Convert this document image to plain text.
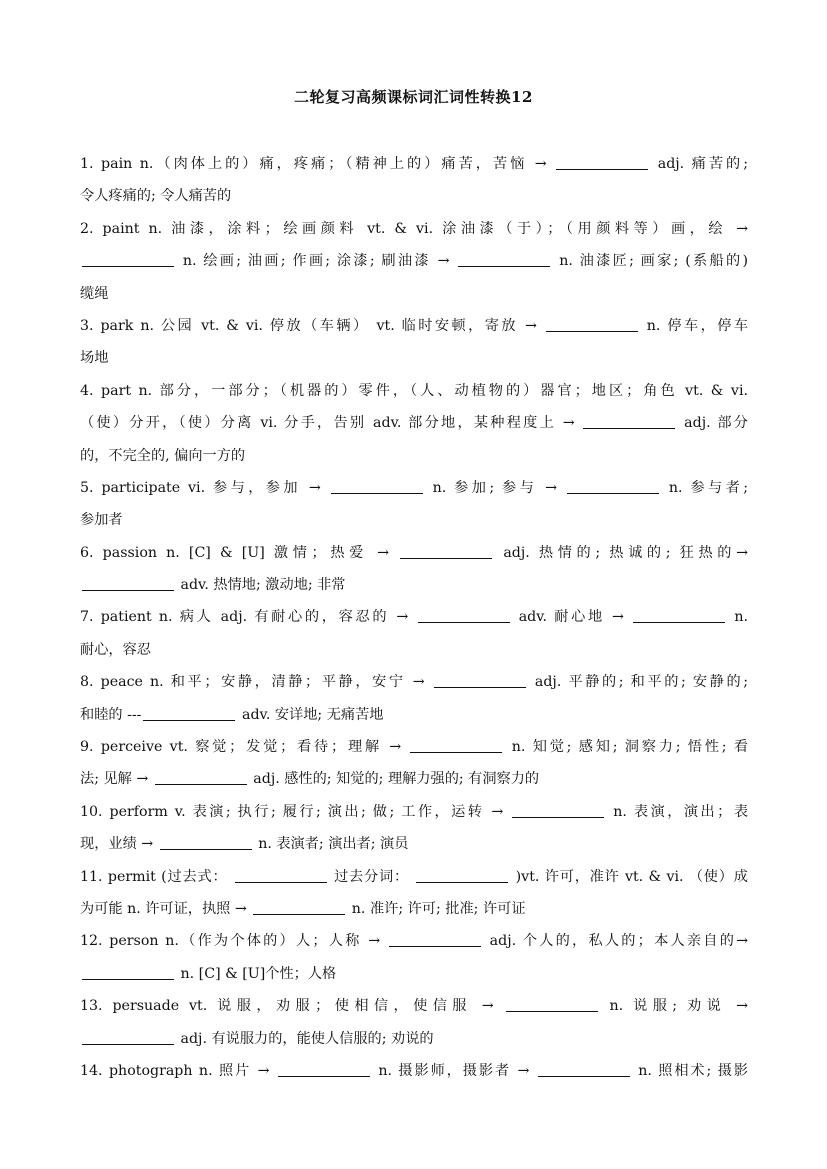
二轮复习高频课标词汇词性转换12
1. pain n.（肉体上的）痛，疼痛；（精神上的）痛苦，苦恼 →	adj. 痛苦的;
令人疼痛的; 令人痛苦的
2. paint n. 油漆，涂料；绘画颜料 vt. & vi. 涂油漆（于）；（用颜料等）画，绘 →
n. 绘画; 油画; 作画; 涂漆; 刷油漆 →	n. 油漆匠; 画家; (系船的)
缆绳
3. park n. 公园 vt. & vi. 停放（车辆） vt. 临时安顿，寄放 →	n. 停车，停车
场地
4. part n. 部分，一部分；（机器的）零件，（人、动植物的）器官；地区；角色 vt. & vi.
（使）分开，（使）分离 vi. 分手，告别 adv. 部分地，某种程度上 →	adj. 部分
的，不完全的, 偏向一方的
5. participate vi. 参与，参加 →	n. 参加; 参与 →	n. 参与者;
参加者
6. passion n. [C] & [U] 激情；热爱 →	adj. 热情的; 热诚的; 狂热的→
adv. 热情地; 激动地; 非常
7. patient n. 病人 adj. 有耐心的，容忍的 →	adv. 耐心地 →	n.
耐心，容忍
8. peace n. 和平；安静，清静；平静，安宁 →	adj. 平静的; 和平的; 安静的;
和睦的 ---	adv. 安详地; 无痛苦地
9. perceive vt. 察觉；发觉；看待；理解 →	n. 知觉; 感知; 洞察力; 悟性; 看
法; 见解 →	adj. 感性的; 知觉的; 理解力强的; 有洞察力的
10. perform v. 表演; 执行; 履行; 演出; 做; 工作，运转 →	n. 表演，演出；表
现，业绩 →	n. 表演者; 演出者; 演员
11. permit (过去式：	过去分词：	)vt. 许可，准许 vt. & vi. （使）成
为可能 n. 许可证，执照 →	n. 准许; 许可; 批准; 许可证
12. person n.（作为个体的）人；人称 →	adj. 个人的，私人的；本人亲自的→
n. [C] & [U]个性；人格
13. persuade vt. 说服，劝服；使相信，使信服 →	n. 说服; 劝说 →
adj. 有说服力的，能使人信服的; 劝说的
14. photograph n. 照片 →	n. 摄影师，摄影者 →	n. 照相术; 摄影
